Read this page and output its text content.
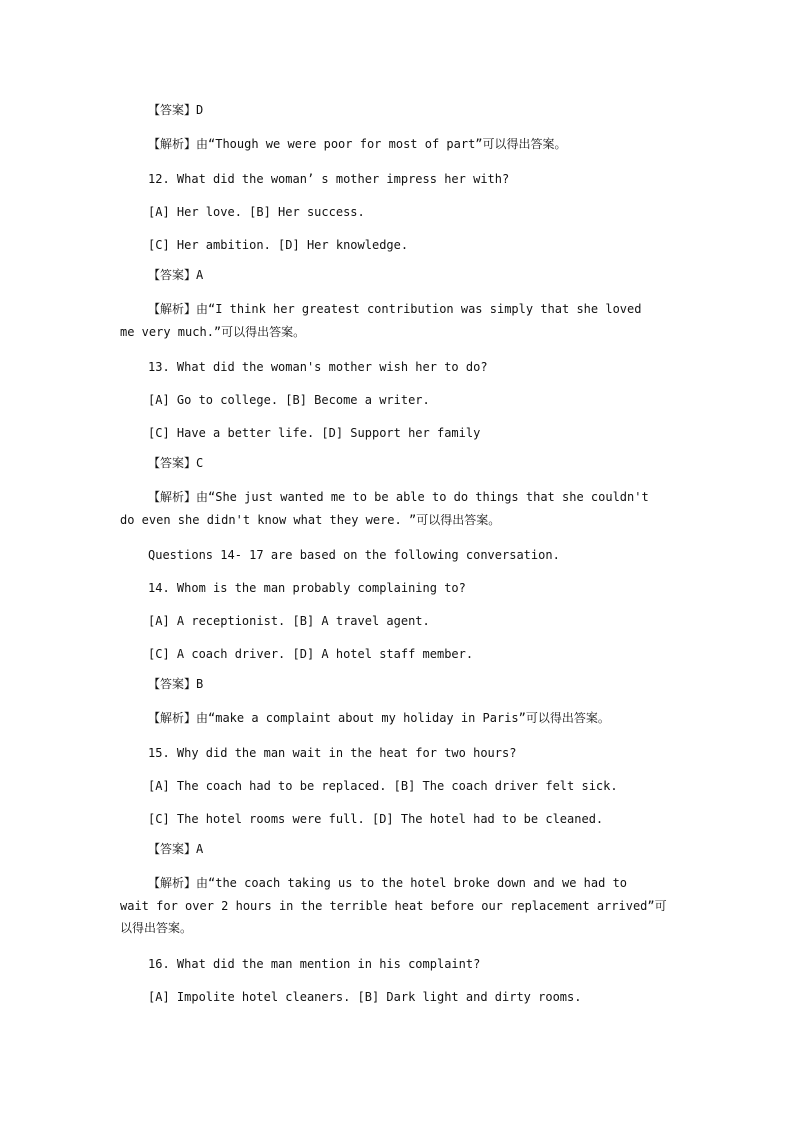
【答案】D
【解析】由“Though we were poor for most of part”可以得出答案。
12. What did the woman’ s mother impress her with?
[A] Her love. [B] Her success.
[C] Her ambition. [D] Her knowledge.
【答案】A
【解析】由“I think her greatest contribution was simply that she loved
me very much.”可以得出答案。
13. What did the woman's mother wish her to do?
[A] Go to college. [B] Become a writer.
[C] Have a better life. [D] Support her family
【答案】C
【解析】由“She just wanted me to be able to do things that she couldn't
do even she didn't know what they were. ”可以得出答案。
Questions 14- 17 are based on the following conversation.
14. Whom is the man probably complaining to?
[A] A receptionist. [B] A travel agent.
[C] A coach driver. [D] A hotel staff member.
【答案】B
【解析】由“make a complaint about my holiday in Paris”可以得出答案。
15. Why did the man wait in the heat for two hours?
[A] The coach had to be replaced. [B] The coach driver felt sick.
[C] The hotel rooms were full. [D] The hotel had to be cleaned.
【答案】A
【解析】由“the coach taking us to the hotel broke down and we had to
wait for over 2 hours in the terrible heat before our replacement arrived”可
以得出答案。
16. What did the man mention in his complaint?
[A] Impolite hotel cleaners. [B] Dark light and dirty rooms.
